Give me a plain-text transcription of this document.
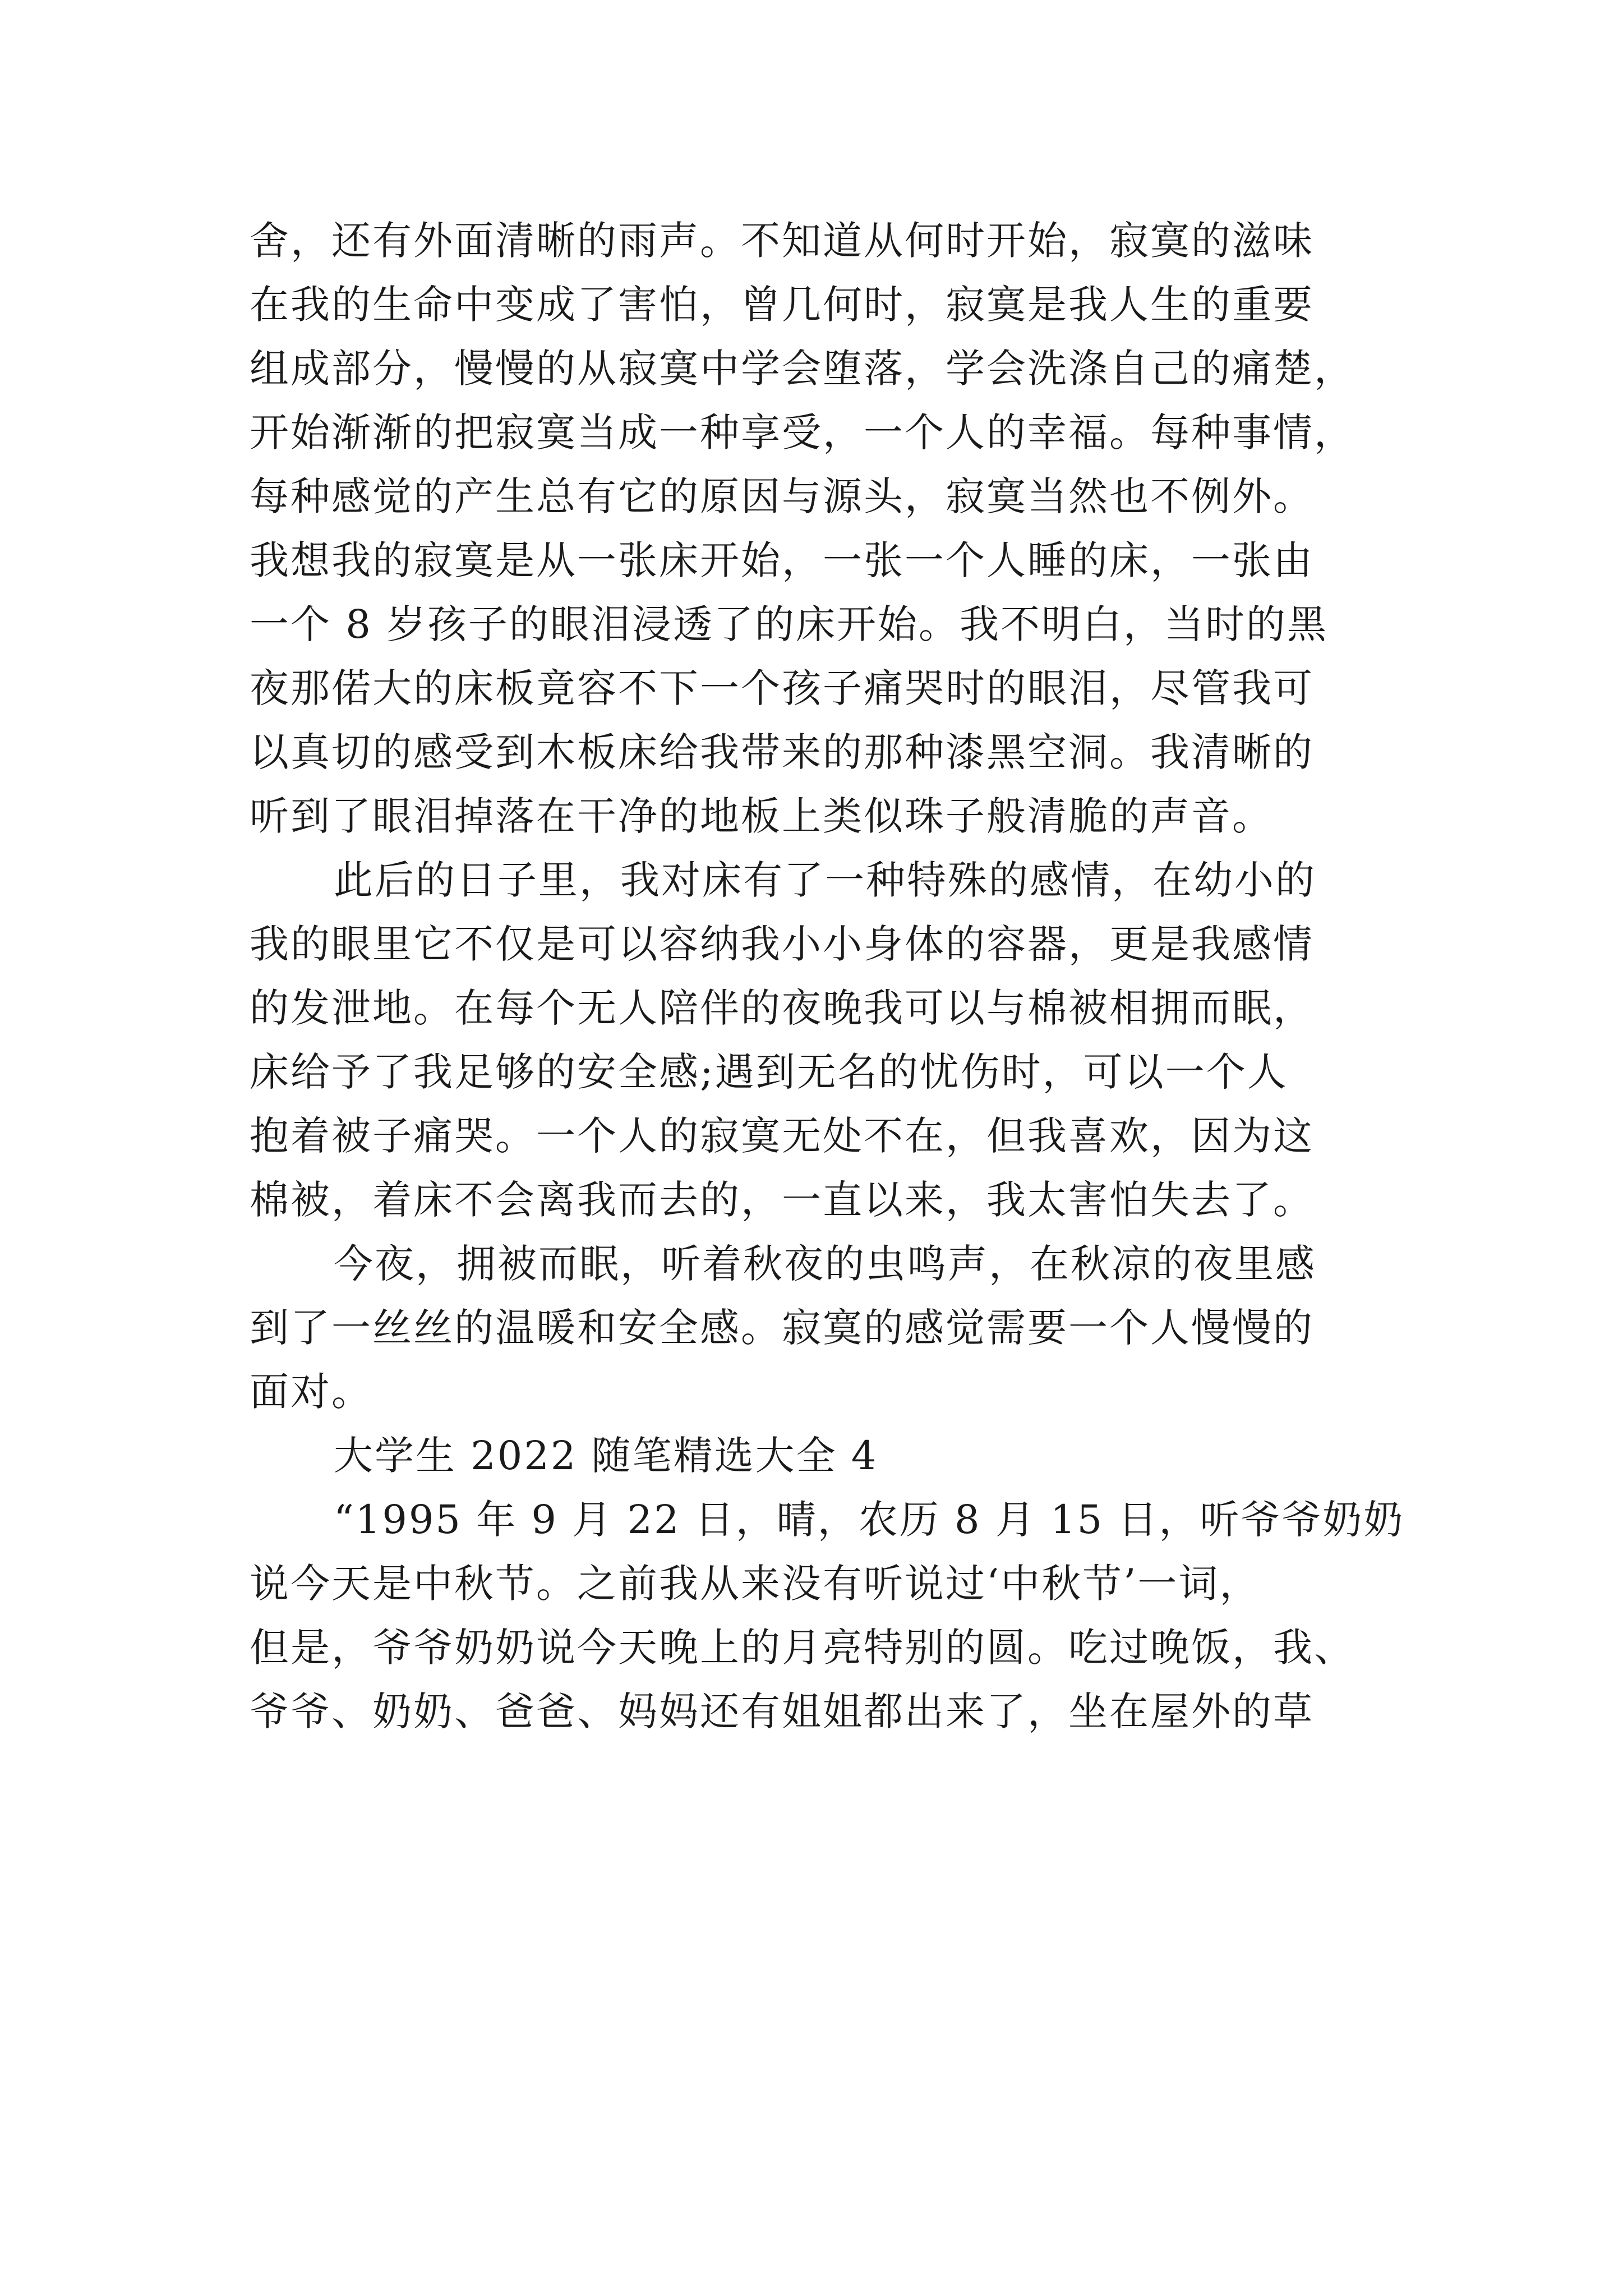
舍，还有外面清晰的雨声。不知道从何时开始，寂寞的滋味
在我的生命中变成了害怕，曾几何时，寂寞是我人生的重要
组成部分，慢慢的从寂寞中学会堕落，学会洗涤自己的痛楚，
开始渐渐的把寂寞当成一种享受，一个人的幸福。每种事情，
每种感觉的产生总有它的原因与源头，寂寞当然也不例外。
我想我的寂寞是从一张床开始，一张一个人睡的床，一张由
一个 8 岁孩子的眼泪浸透了的床开始。我不明白，当时的黑
夜那偌大的床板竟容不下一个孩子痛哭时的眼泪，尽管我可
以真切的感受到木板床给我带来的那种漆黑空洞。我清晰的
听到了眼泪掉落在干净的地板上类似珠子般清脆的声音。
此后的日子里，我对床有了一种特殊的感情，在幼小的
我的眼里它不仅是可以容纳我小小身体的容器，更是我感情
的发泄地。在每个无人陪伴的夜晚我可以与棉被相拥而眠，
床给予了我足够的安全感;遇到无名的忧伤时，可以一个人
抱着被子痛哭。一个人的寂寞无处不在，但我喜欢，因为这
棉被，着床不会离我而去的，一直以来，我太害怕失去了。
今夜，拥被而眠，听着秋夜的虫鸣声，在秋凉的夜里感
到了一丝丝的温暖和安全感。寂寞的感觉需要一个人慢慢的
面对。
大学生 2022 随笔精选大全 4
“1995 年 9 月 22 日，晴，农历 8 月 15 日，听爷爷奶奶
说今天是中秋节。之前我从来没有听说过‘中秋节’一词，
但是，爷爷奶奶说今天晚上的月亮特别的圆。吃过晚饭，我、
爷爷、奶奶、爸爸、妈妈还有姐姐都出来了，坐在屋外的草
